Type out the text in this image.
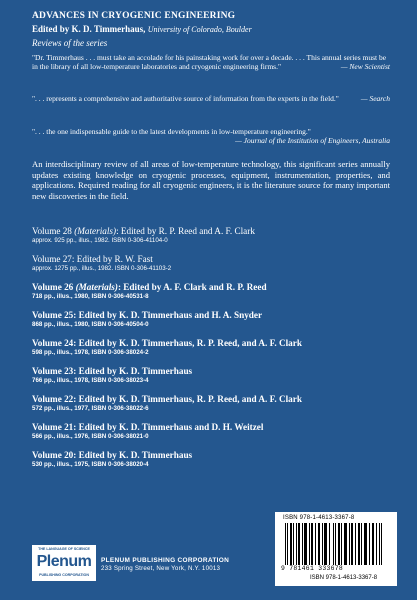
ADVANCES IN CRYOGENIC ENGINEERING
Edited by K. D. Timmerhaus, University of Colorado, Boulder
Reviews of the series
"Dr. Timmerhaus . . . must take an accolade for his painstaking work for over a decade. . . . This annual series must be in the library of all low-temperature laboratories and cryogenic engineering firms."	— New Scientist
". . . represents a comprehensive and authoritative source of information from the experts in the field."	— Search
". . . the one indispensable guide to the latest developments in low-temperature engineering."
— Journal of the Institution of Engineers, Australia
An interdisciplinary review of all areas of low-temperature technology, this significant series annually updates existing knowledge on cryogenic processes, equipment, instrumentation, properties, and applications. Required reading for all cryogenic engineers, it is the literature source for many important new discoveries in the field.
Volume 28 (Materials): Edited by R. P. Reed and A. F. Clark
approx. 925 pp., illus., 1982. ISBN 0-306-41104-0
Volume 27: Edited by R. W. Fast
approx. 1275 pp., illus., 1982. ISBN 0-306-41103-2
Volume 26 (Materials): Edited by A. F. Clark and R. P. Reed
718 pp., illus., 1980, ISBN 0-306-40531-8
Volume 25: Edited by K. D. Timmerhaus and H. A. Snyder
868 pp., illus., 1980, ISBN 0-306-40504-0
Volume 24: Edited by K. D. Timmerhaus, R. P. Reed, and A. F. Clark
598 pp., illus., 1978, ISBN 0-306-38024-2
Volume 23: Edited by K. D. Timmerhaus
766 pp., illus., 1978, ISBN 0-306-38023-4
Volume 22: Edited by K. D. Timmerhaus, R. P. Reed, and A. F. Clark
572 pp., illus., 1977, ISBN 0-306-38022-6
Volume 21: Edited by K. D. Timmerhaus and D. H. Weitzel
566 pp., illus., 1976, ISBN 0-306-38021-0
Volume 20: Edited by K. D. Timmerhaus
530 pp., illus., 1975, ISBN 0-306-38020-4
THE LANGUAGE OF SCIENCE
Plenum
PUBLISHING CORPORATION
PLENUM PUBLISHING CORPORATION
233 Spring Street, New York, N.Y. 10013
ISBN 978-1-4613-3367-8
9 781461 333678
ISBN 978-1-4613-3367-8
